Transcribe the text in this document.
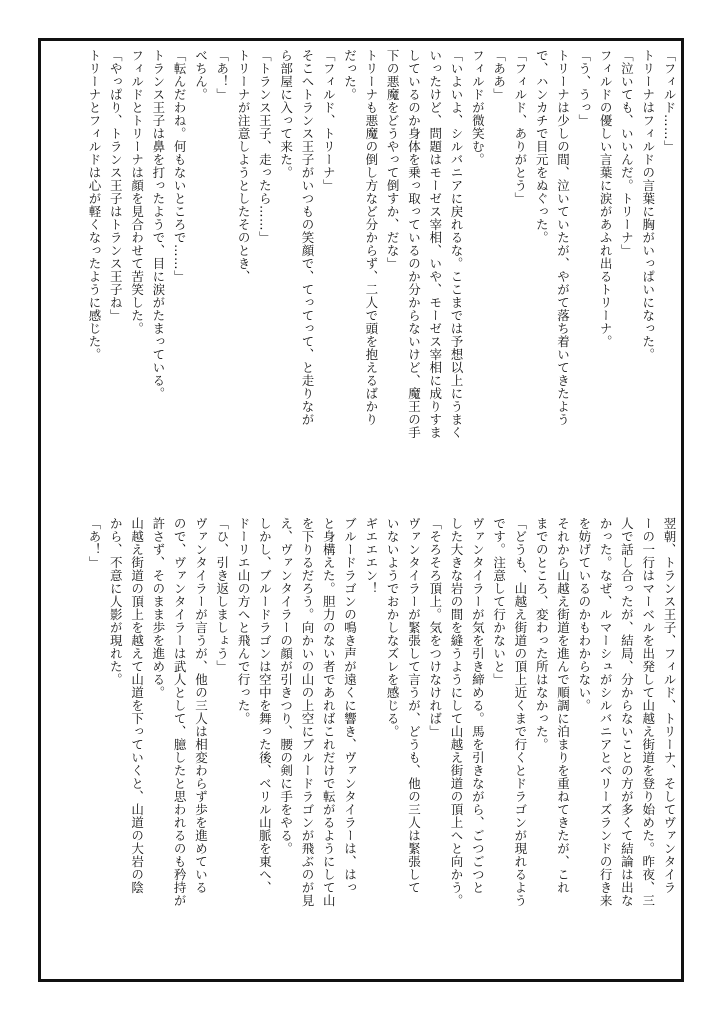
「フィルド……」
トリーナはフィルドの言葉に胸がいっぱいになった。
「泣いても、いいんだ。トリーナ」
フィルドの優しい言葉に涙があふれ出るトリーナ。
「う、うっ」
トリーナは少しの間、泣いていたが、やがて落ち着いてきたよう
で、ハンカチで目元をぬぐった。
「フィルド、ありがとう」
「ああ」
フィルドが微笑む。
「いよいよ、シルバニアに戻れるな。ここまでは予想以上にうまく
いったけど、問題はモーゼス宰相、いや、モーゼス宰相に成りすま
しているのか身体を乗っ取っているのか分からないけど、魔王の手
下の悪魔をどうやって倒すか、だな」
トリーナも悪魔の倒し方など分からず、二人で頭を抱えるばかり
だった。
「フィルド、トリーナ」
そこへトランス王子がいつもの笑顔で、てってって、と走りなが
ら部屋に入って来た。
「トランス王子、走ったら……」
トリーナが注意しようとしたそのとき、
「あ！」
べちん。
「転んだわね。何もないところで……」
トランス王子は鼻を打ったようで、目に涙がたまっている。
フィルドとトリーナは顔を見合わせて苦笑した。
「やっぱり、トランス王子はトランス王子ね」
トリーナとフィルドは心が軽くなったように感じた。
翌朝、トランス王子、フィルド、トリーナ、そしてヴァンタイラ
ーの一行はマーベルを出発して山越え街道を登り始めた。昨夜、三
人で話し合ったが、結局、分からないことの方が多くて結論は出な
かった。なぜ、ルマーシュがシルバニアとベリーズランドの行き来
を妨げているのかもわからない。
それから山越え街道を進んで順調に泊まりを重ねてきたが、これ
までのところ、変わった所はなかった。
「どうも、山越え街道の頂上近くまで行くとドラゴンが現れるよう
です。注意して行かないと」
ヴァンタイラーが気を引き締める。馬を引きながら、ごつごつと
した大きな岩の間を縫うようにして山越え街道の頂上へと向かう。
「そろそろ頂上。気をつけなければ」
ヴァンタイラーが緊張して言うが、どうも、他の三人は緊張して
いないようでおかしなズレを感じる。
ギエエエン！
ブルードラゴンの鳴き声が遠くに響き、ヴァンタイラーは、はっ
と身構えた。胆力のない者であればこれだけで転がるようにして山
を下りるだろう。向かいの山の上空にブルードラゴンが飛ぶのが見
え、ヴァンタイラーの顔が引きつり、腰の剣に手をやる。
しかし、ブルードラゴンは空中を舞った後、ベリル山脈を東へ、
ドーリエ山の方へと飛んで行った。
「ひ、引き返しましょう」
ヴァンタイラーが言うが、他の三人は相変わらず歩を進めている
ので、ヴァンタイラーは武人として、臆したと思われるのも矜持が
許さず、そのまま歩を進める。
山越え街道の頂上を越えて山道を下っていくと、山道の大岩の陰
から、不意に人影が現れた。
「あ！」
